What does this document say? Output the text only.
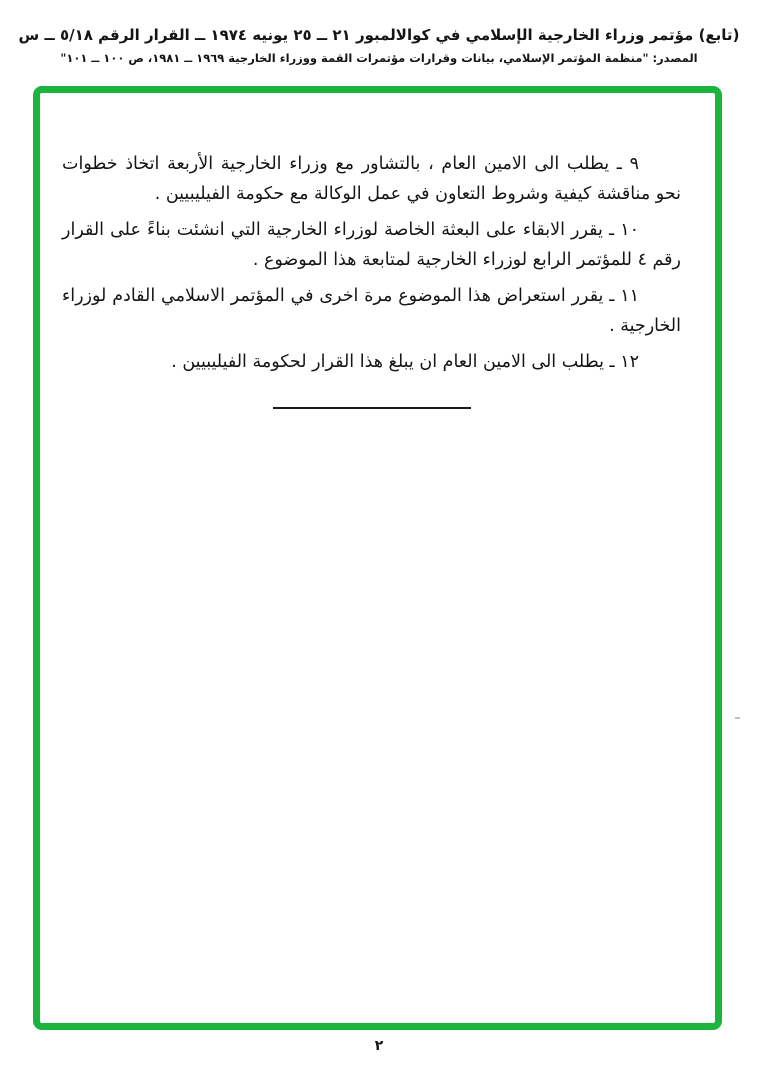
(تابع) مؤتمر وزراء الخارجية الإسلامي في كوالالمبور ٢١ ــ ٢٥ يونيه ١٩٧٤ ــ القرار الرقم ٥/١٨ ــ س
المصدر: "منظمة المؤتمر الإسلامي، بيانات وقرارات مؤتمرات القمة ووزراء الخارجية ١٩٦٩ ــ ١٩٨١، ص ١٠٠ ــ ١٠١"

٩ ـ يطلب الى الامين العام ، بالتشاور مع وزراء الخارجية الأربعة اتخاذ خطوات نحو مناقشة كيفية وشروط التعاون في عمل الوكالة مع حكومة الفيليبيين .

١٠ ـ يقرر الابقاء على البعثة الخاصة لوزراء الخارجية التي انشئت بناءً على القرار رقم ٤ للمؤتمر الرابع لوزراء الخارجية لمتابعة هذا الموضوع .

١١ ـ يقرر استعراض هذا الموضوع مرة اخرى في المؤتمر الاسلامي القادم لوزراء الخارجية .

١٢ ـ يطلب الى الامين العام ان يبلغ هذا القرار لحكومة الفيليبيين .

٢
